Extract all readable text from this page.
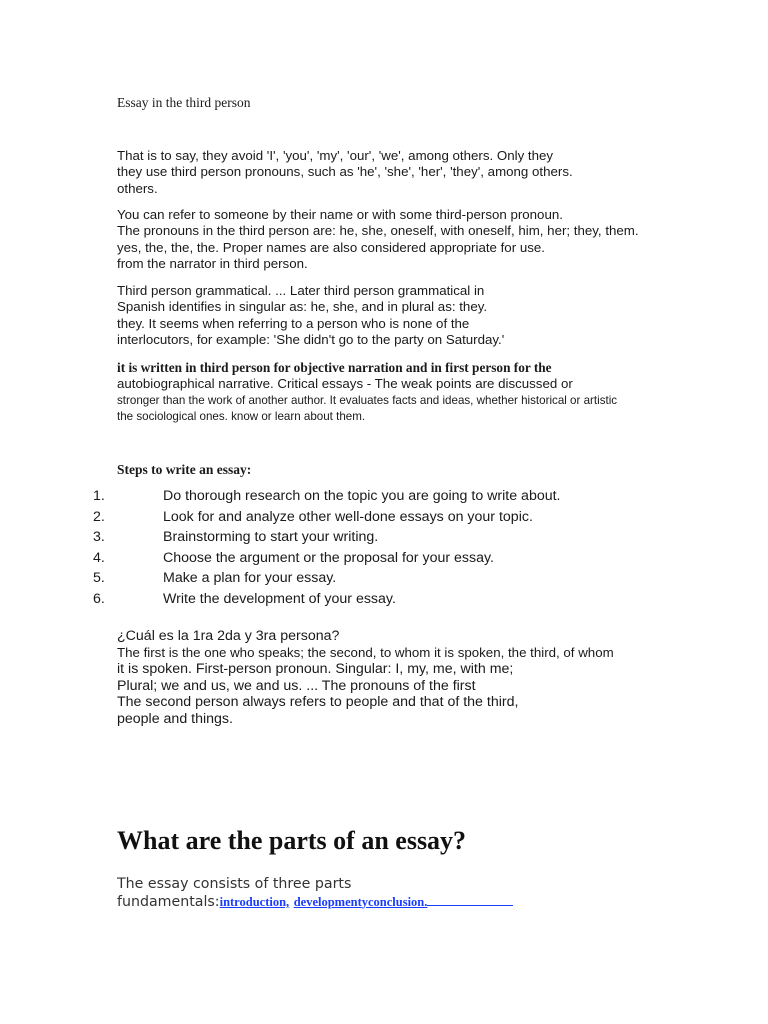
Essay in the third person
That is to say, they avoid 'I', 'you', 'my', 'our', 'we', among others. Only they
they use third person pronouns, such as 'he', 'she', 'her', 'they', among others.
others.
You can refer to someone by their name or with some third-person pronoun.
The pronouns in the third person are: he, she, oneself, with oneself, him, her; they, them.
yes, the, the, the. Proper names are also considered appropriate for use.
from the narrator in third person.
Third person grammatical. ... Later third person grammatical in
Spanish identifies in singular as: he, she, and in plural as: they.
they. It seems when referring to a person who is none of the
interlocutors, for example: 'She didn't go to the party on Saturday.'
it is written in third person for objective narration and in first person for the
autobiographical narrative. Critical essays - The weak points are discussed or
stronger than the work of another author. It evaluates facts and ideas, whether historical or artistic
the sociological ones. know or learn about them.
Steps to write an essay:
1.	Do thorough research on the topic you are going to write about.
2.	Look for and analyze other well-done essays on your topic.
3.	Brainstorming to start your writing.
4.	Choose the argument or the proposal for your essay.
5.	Make a plan for your essay.
6.	Write the development of your essay.
¿Cuál es la 1ra 2da y 3ra persona?
The first is the one who speaks; the second, to whom it is spoken, the third, of whom
it is spoken. First-person pronoun. Singular: I, my, me, with me;
Plural; we and us, we and us. ... The pronouns of the first
The second person always refers to people and that of the third,
people and things.
What are the parts of an essay?
The essay consists of three parts
fundamentals:introduction, developmentyconclusion.
